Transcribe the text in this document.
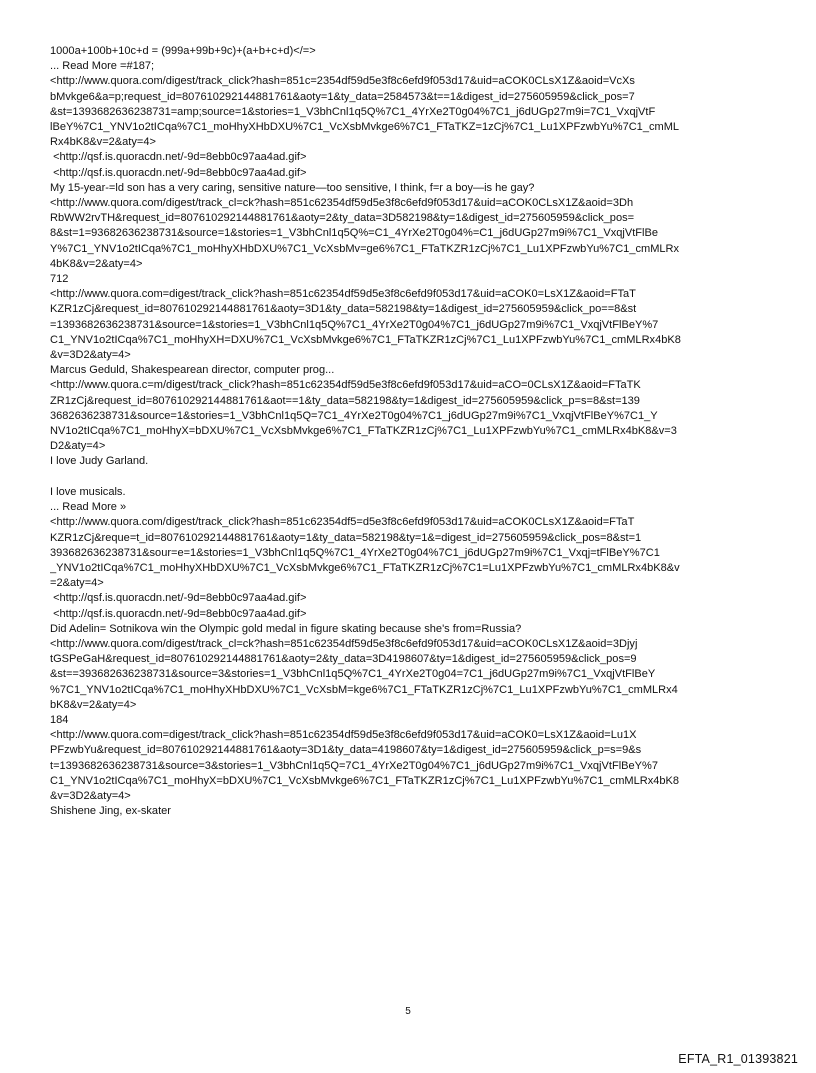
1000a+100b+10c+d = (999a+99b+9c)+(a+b+c+d)</=>
... Read More =#187;
<http://www.quora.com/digest/track_click?hash=851c=2354df59d5e3f8c6efd9f053d17&uid=aCOK0CLsX1Z&aoid=VcXs
bMvkge6&a=p;request_id=807610292144881761&aoty=1&ty_data=2584573&t==1&digest_id=275605959&click_pos=7
&st=1393682636238731=amp;source=1&stories=1_V3bhCnl1q5Q%7C1_4YrXe2T0g04%7C1_j6dUGp27m9i=7C1_VxqjVtF
lBeY%7C1_YNV1o2tICqa%7C1_moHhyXHbDXU%7C1_VcXsbMvkge6%7C1_FTaTKZ=1zCj%7C1_Lu1XPFzwbYu%7C1_cmML
Rx4bK8&v=2&aty=4>
<http://qsf.is.quoracdn.net/-9d=8ebb0c97aa4ad.gif>
<http://qsf.is.quoracdn.net/-9d=8ebb0c97aa4ad.gif>
My 15-year-=ld son has a very caring, sensitive nature—too sensitive, I think, f=r a boy—is he gay?
<http://www.quora.com/digest/track_cl=ck?hash=851c62354df59d5e3f8c6efd9f053d17&uid=aCOK0CLsX1Z&aoid=3Dh
RbWW2rvTH&request_id=807610292144881761&aoty=2&ty_data=3D582198&ty=1&digest_id=275605959&click_pos=
8&st=1=93682636238731&source=1&stories=1_V3bhCnl1q5Q%=C1_4YrXe2T0g04%=C1_j6dUGp27m9i%7C1_VxqjVtFlBe
Y%7C1_YNV1o2tICqa%7C1_moHhyXHbDXU%7C1_VcXsbMv=ge6%7C1_FTaTKZR1zCj%7C1_Lu1XPFzwbYu%7C1_cmMLRx
4bK8&v=2&aty=4>
712
<http://www.quora.com=digest/track_click?hash=851c62354df59d5e3f8c6efd9f053d17&uid=aCOK0=LsX1Z&aoid=FTaT
KZR1zCj&request_id=807610292144881761&aoty=3D1&ty_data=582198&ty=1&digest_id=275605959&click_po==8&st
=1393682636238731&source=1&stories=1_V3bhCnl1q5Q%7C1_4YrXe2T0g04%7C1_j6dUGp27m9i%7C1_VxqjVtFlBeY%7
C1_YNV1o2tICqa%7C1_moHhyXH=DXU%7C1_VcXsbMvkge6%7C1_FTaTKZR1zCj%7C1_Lu1XPFzwbYu%7C1_cmMLRx4bK8
&v=3D2&aty=4>
Marcus Geduld, Shakespearean director, computer prog...
<http://www.quora.c=m/digest/track_click?hash=851c62354df59d5e3f8c6efd9f053d17&uid=aCO=0CLsX1Z&aoid=FTaTK
ZR1zCj&request_id=807610292144881761&aot==1&ty_data=582198&ty=1&digest_id=275605959&click_p=s=8&st=139
3682636238731&source=1&stories=1_V3bhCnl1q5Q=7C1_4YrXe2T0g04%7C1_j6dUGp27m9i%7C1_VxqjVtFlBeY%7C1_Y
NV1o2tICqa%7C1_moHhyX=bDXU%7C1_VcXsbMvkge6%7C1_FTaTKZR1zCj%7C1_Lu1XPFzwbYu%7C1_cmMLRx4bK8&v=3
D2&aty=4>
I love Judy Garland.

I love musicals.
... Read More »
<http://www.quora.com/digest/track_click?hash=851c62354df5=d5e3f8c6efd9f053d17&uid=aCOK0CLsX1Z&aoid=FTaT
KZR1zCj&reque=t_id=807610292144881761&aoty=1&ty_data=582198&ty=1&=digest_id=275605959&click_pos=8&st=1
393682636238731&sour=e=1&stories=1_V3bhCnl1q5Q%7C1_4YrXe2T0g04%7C1_j6dUGp27m9i%7C1_Vxqj=tFlBeY%7C1
_YNV1o2tICqa%7C1_moHhyXHbDXU%7C1_VcXsbMvkge6%7C1_FTaTKZR1zCj%7C1=Lu1XPFzwbYu%7C1_cmMLRx4bK8&v
=2&aty=4>
<http://qsf.is.quoracdn.net/-9d=8ebb0c97aa4ad.gif>
<http://qsf.is.quoracdn.net/-9d=8ebb0c97aa4ad.gif>
Did Adelin= Sotnikova win the Olympic gold medal in figure skating because she's from=Russia?
<http://www.quora.com/digest/track_cl=ck?hash=851c62354df59d5e3f8c6efd9f053d17&uid=aCOK0CLsX1Z&aoid=3Djyj
tGSPeGaH&request_id=807610292144881761&aoty=2&ty_data=3D4198607&ty=1&digest_id=275605959&click_pos=9
&st==393682636238731&source=3&stories=1_V3bhCnl1q5Q%7C1_4YrXe2T0g04=7C1_j6dUGp27m9i%7C1_VxqjVtFlBeY
%7C1_YNV1o2tICqa%7C1_moHhyXHbDXU%7C1_VcXsbM=kge6%7C1_FTaTKZR1zCj%7C1_Lu1XPFzwbYu%7C1_cmMLRx4
bK8&v=2&aty=4>
184
<http://www.quora.com=digest/track_click?hash=851c62354df59d5e3f8c6efd9f053d17&uid=aCOK0=LsX1Z&aoid=Lu1X
PFzwbYu&request_id=807610292144881761&aoty=3D1&ty_data=4198607&ty=1&digest_id=275605959&click_p=s=9&s
t=1393682636238731&source=3&stories=1_V3bhCnl1q5Q=7C1_4YrXe2T0g04%7C1_j6dUGp27m9i%7C1_VxqjVtFlBeY%7
C1_YNV1o2tICqa%7C1_moHhyX=bDXU%7C1_VcXsbMvkge6%7C1_FTaTKZR1zCj%7C1_Lu1XPFzwbYu%7C1_cmMLRx4bK8
&v=3D2&aty=4>
Shishene Jing, ex-skater
5
EFTA_R1_01393821
